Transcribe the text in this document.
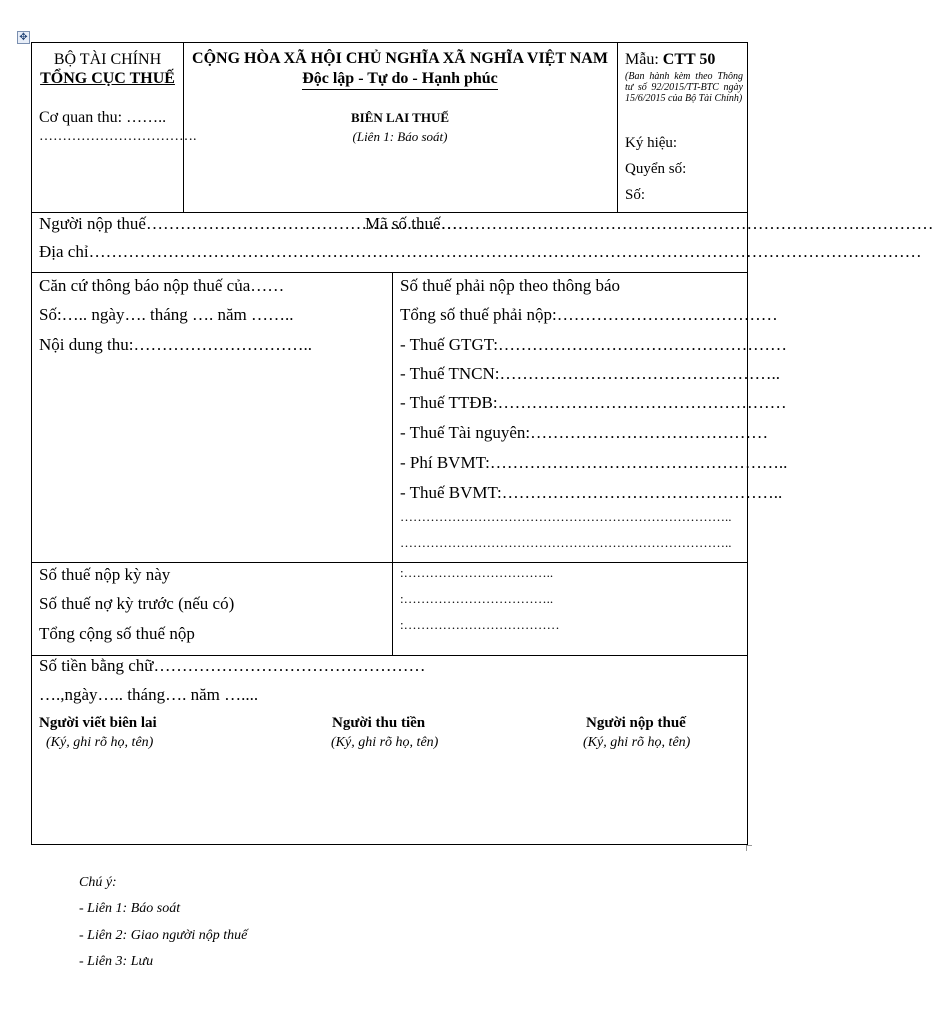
✥
BỘ TÀI CHÍNH
TỔNG CỤC THUẾ
Cơ quan thu: ……..
…………………………….
CỘNG HÒA XÃ HỘI CHỦ NGHĨA XÃ NGHĨA VIỆT NAM
Độc lập - Tự do - Hạnh phúc
BIÊN LAI THUẾ
(Liên 1: Báo soát)
Mẫu: CTT 50
(Ban hành kèm theo Thông tư số 92/2015/TT-BTC ngày 15/6/2015 của Bộ Tài Chính)
Ký hiệu:
Quyển số:
Số:
Người nộp thuế…………………………………………………
Mã số thuế……………………………………………………………………………
Địa chỉ…………………………………………………………………………………………………………………………………
Căn cứ thông báo nộp thuế của……
Số:….. ngày…. tháng …. năm ……..
Nội dung thu:…………………………..
Số thuế phải nộp theo thông báo
Tổng số thuế phải nộp:…………………………………
- Thuế GTGT:……………………………………………
- Thuế TNCN:…………………………………………..
- Thuế TTĐB:……………………………………………
- Thuế Tài nguyên:……………………………………
- Phí BVMT:……………………………………………..
- Thuế BVMT:…………………………………………..
…………………………………………………………………..
…………………………………………………………………..
Số thuế nộp kỳ này
Số thuế nợ kỳ trước (nếu có)
Tổng cộng số thuế nộp
:……………………………..
:……………………………..
:………………………………
Số tiền bằng chữ…………………………………………
….,ngày….. tháng…. năm …....
Người viết biên lai
(Ký, ghi rõ họ, tên)
Người thu tiền
(Ký, ghi rõ họ, tên)
Người nộp thuế
(Ký, ghi rõ họ, tên)
Chú ý:
- Liên 1: Báo soát
- Liên 2: Giao người nộp thuế
- Liên 3: Lưu
